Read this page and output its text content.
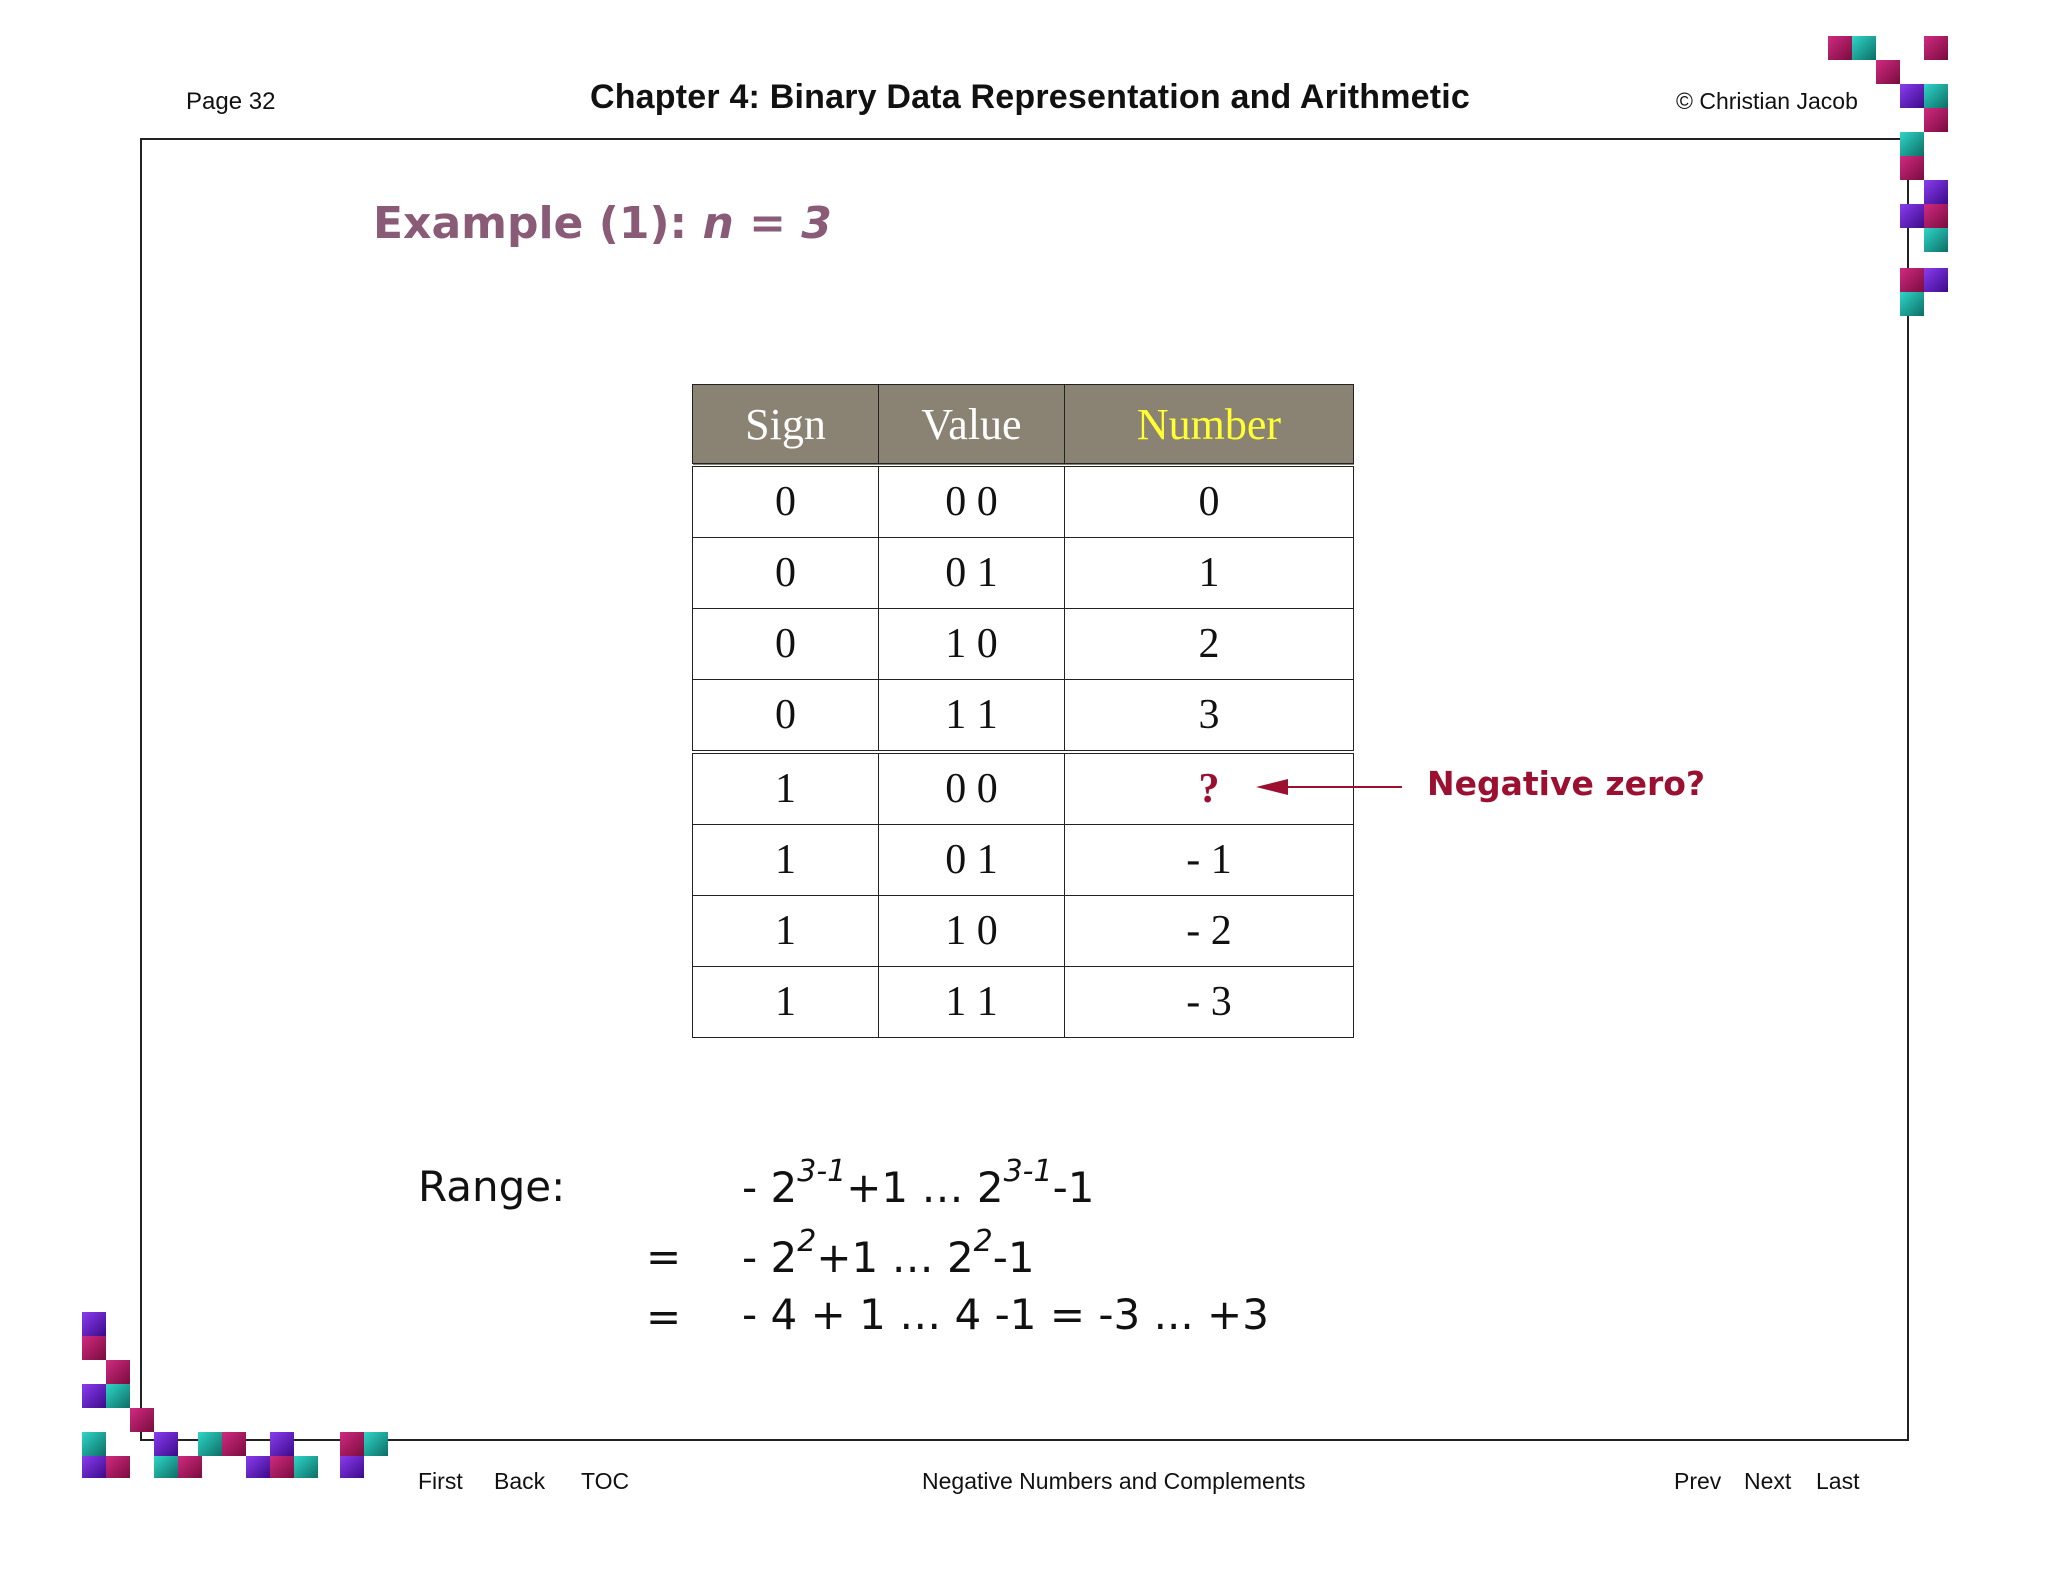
Page 32	Chapter 4: Binary Data Representation and Arithmetic	© Christian Jacob
Example (1): n = 3
Sign	Value	Number
0	0 0	0
0	0 1	1
0	1 0	2
0	1 1	3
1	0 0	?
1	0 1	- 1
1	1 0	- 2
1	1 1	- 3
Negative zero?
Range:	- $2^{3-1}+1$ … $2^{3-1}-1$
= - $2^2+1$ … $2^2-1$
= - 4 + 1 … 4 -1 = -3 ... +3
First Back TOC	Negative Numbers and Complements	Prev Next Last
